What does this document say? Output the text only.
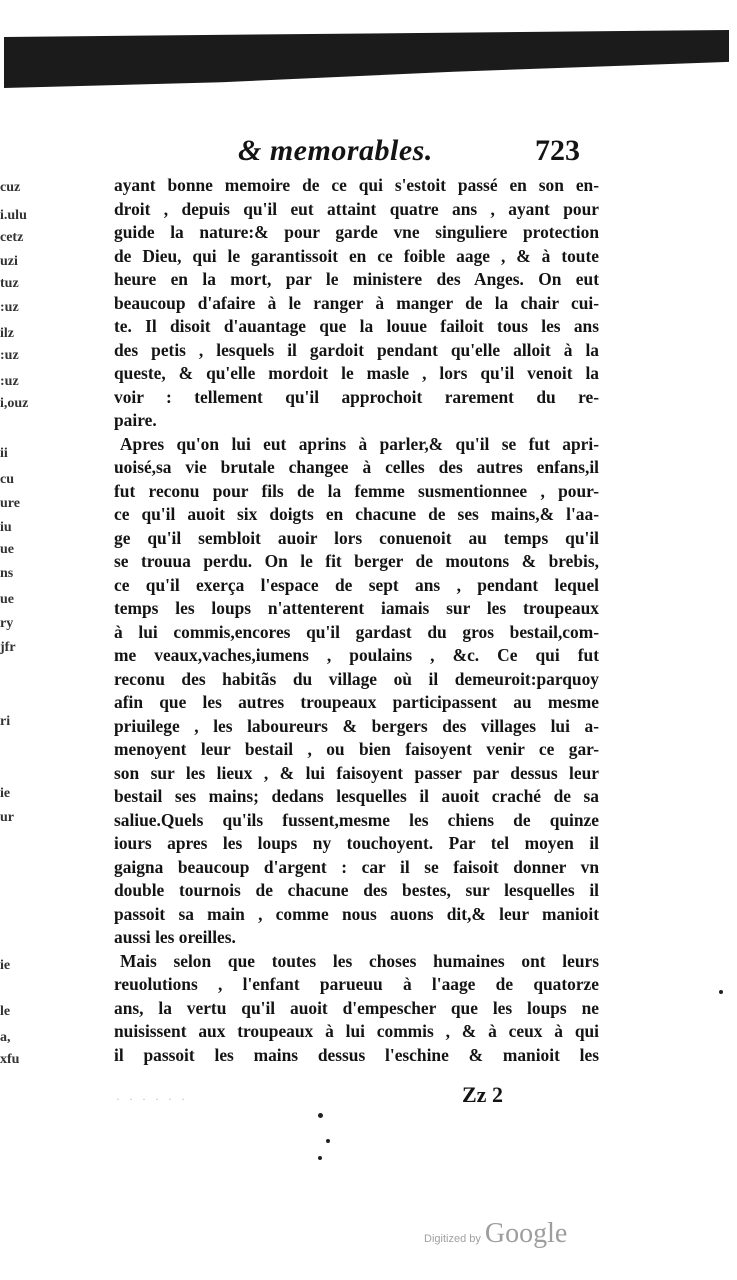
& memorables.	723
cuz
i.ulu
cetz
uzi
tuz
:uz
ilz
:uz
:uz
i,ouz
ii
cu
ure
iu
ue
ns
ue
ry
jfr
ri
ie
ur
ie
le
a,
xfu
ayant bonne memoire de ce qui s'estoit passé en son en-
droit , depuis qu'il eut attaint quatre ans , ayant pour
guide la nature:& pour garde vne singuliere protection
de Dieu, qui le garantissoit en ce foible aage , & à toute
heure en la mort, par le ministere des Anges. On eut
beaucoup d'afaire à le ranger à manger de la chair cui-
te. Il disoit d'auantage que la louue failoit tous les ans
des petis , lesquels il gardoit pendant qu'elle alloit à la
queste, & qu'elle mordoit le masle , lors qu'il venoit la
voir : tellement qu'il approchoit rarement du re-
paire.
Apres qu'on lui eut aprins à parler,& qu'il se fut apri-
uoisé,sa vie brutale changee à celles des autres enfans,il
fut reconu pour fils de la femme susmentionnee , pour-
ce qu'il auoit six doigts en chacune de ses mains,& l'aa-
ge qu'il sembloit auoir lors conuenoit au temps qu'il
se trouua perdu. On le fit berger de moutons & brebis,
ce qu'il exerça l'espace de sept ans , pendant lequel
temps les loups n'attenterent iamais sur les troupeaux
à lui commis,encores qu'il gardast du gros bestail,com-
me veaux,vaches,iumens , poulains , &c. Ce qui fut
reconu des habitãs du village où il demeuroit:parquoy
afin que les autres troupeaux participassent au mesme
priuilege , les laboureurs & bergers des villages lui a-
menoyent leur bestail , ou bien faisoyent venir ce gar-
son sur les lieux , & lui faisoyent passer par dessus leur
bestail ses mains; dedans lesquelles il auoit craché de sa
saliue.Quels qu'ils fussent,mesme les chiens de quinze
iours apres les loups ny touchoyent. Par tel moyen il
gaigna beaucoup d'argent : car il se faisoit donner vn
double tournois de chacune des bestes, sur lesquelles il
passoit sa main , comme nous auons dit,& leur manioit
aussi les oreilles.
Mais selon que toutes les choses humaines ont leurs
reuolutions , l'enfant parueuu à l'aage de quatorze
ans, la vertu qu'il auoit d'empescher que les loups ne
nuisissent aux troupeaux à lui commis , & à ceux à qui
il passoit les mains dessus l'eschine & manioit les
Zz 2
· · · · · ·
Digitized by Google
